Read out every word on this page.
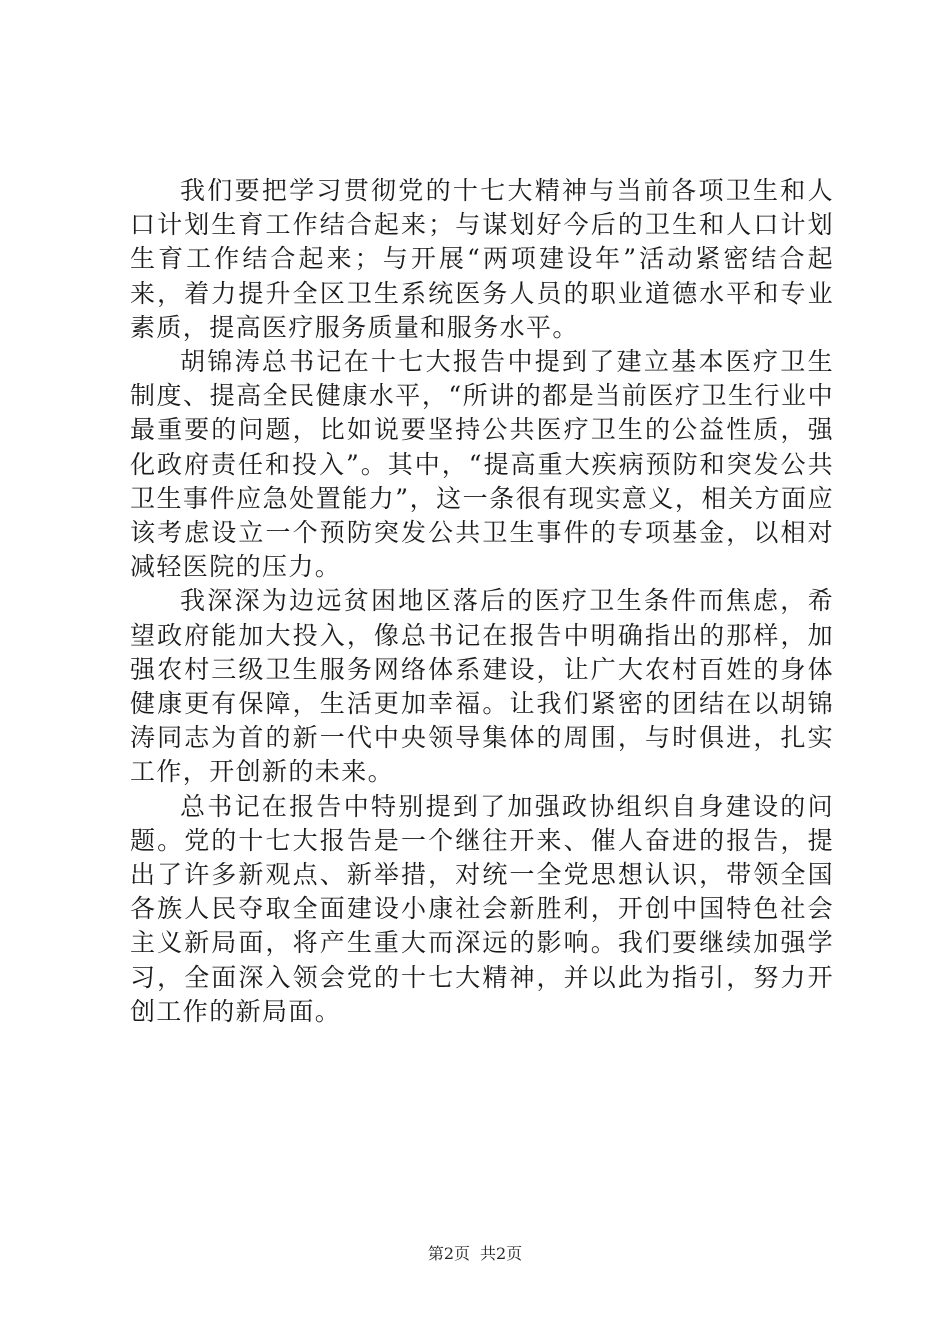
我们要把学习贯彻党的十七大精神与当前各项卫生和人口计划生育工作结合起来；与谋划好今后的卫生和人口计划生育工作结合起来；与开展“两项建设年”活动紧密结合起来，着力提升全区卫生系统医务人员的职业道德水平和专业素质，提高医疗服务质量和服务水平。

胡锦涛总书记在十七大报告中提到了建立基本医疗卫生制度、提高全民健康水平，“所讲的都是当前医疗卫生行业中最重要的问题，比如说要坚持公共医疗卫生的公益性质，强化政府责任和投入”。其中，“提高重大疾病预防和突发公共卫生事件应急处置能力”，这一条很有现实意义，相关方面应该考虑设立一个预防突发公共卫生事件的专项基金，以相对减轻医院的压力。

我深深为边远贫困地区落后的医疗卫生条件而焦虑，希望政府能加大投入，像总书记在报告中明确指出的那样，加强农村三级卫生服务网络体系建设，让广大农村百姓的身体健康更有保障，生活更加幸福。让我们紧密的团结在以胡锦涛同志为首的新一代中央领导集体的周围，与时俱进，扎实工作，开创新的未来。

总书记在报告中特别提到了加强政协组织自身建设的问题。党的十七大报告是一个继往开来、催人奋进的报告，提出了许多新观点、新举措，对统一全党思想认识，带领全国各族人民夺取全面建设小康社会新胜利，开创中国特色社会主义新局面，将产生重大而深远的影响。我们要继续加强学习，全面深入领会党的十七大精神，并以此为指引，努力开创工作的新局面。

第2页 共2页
